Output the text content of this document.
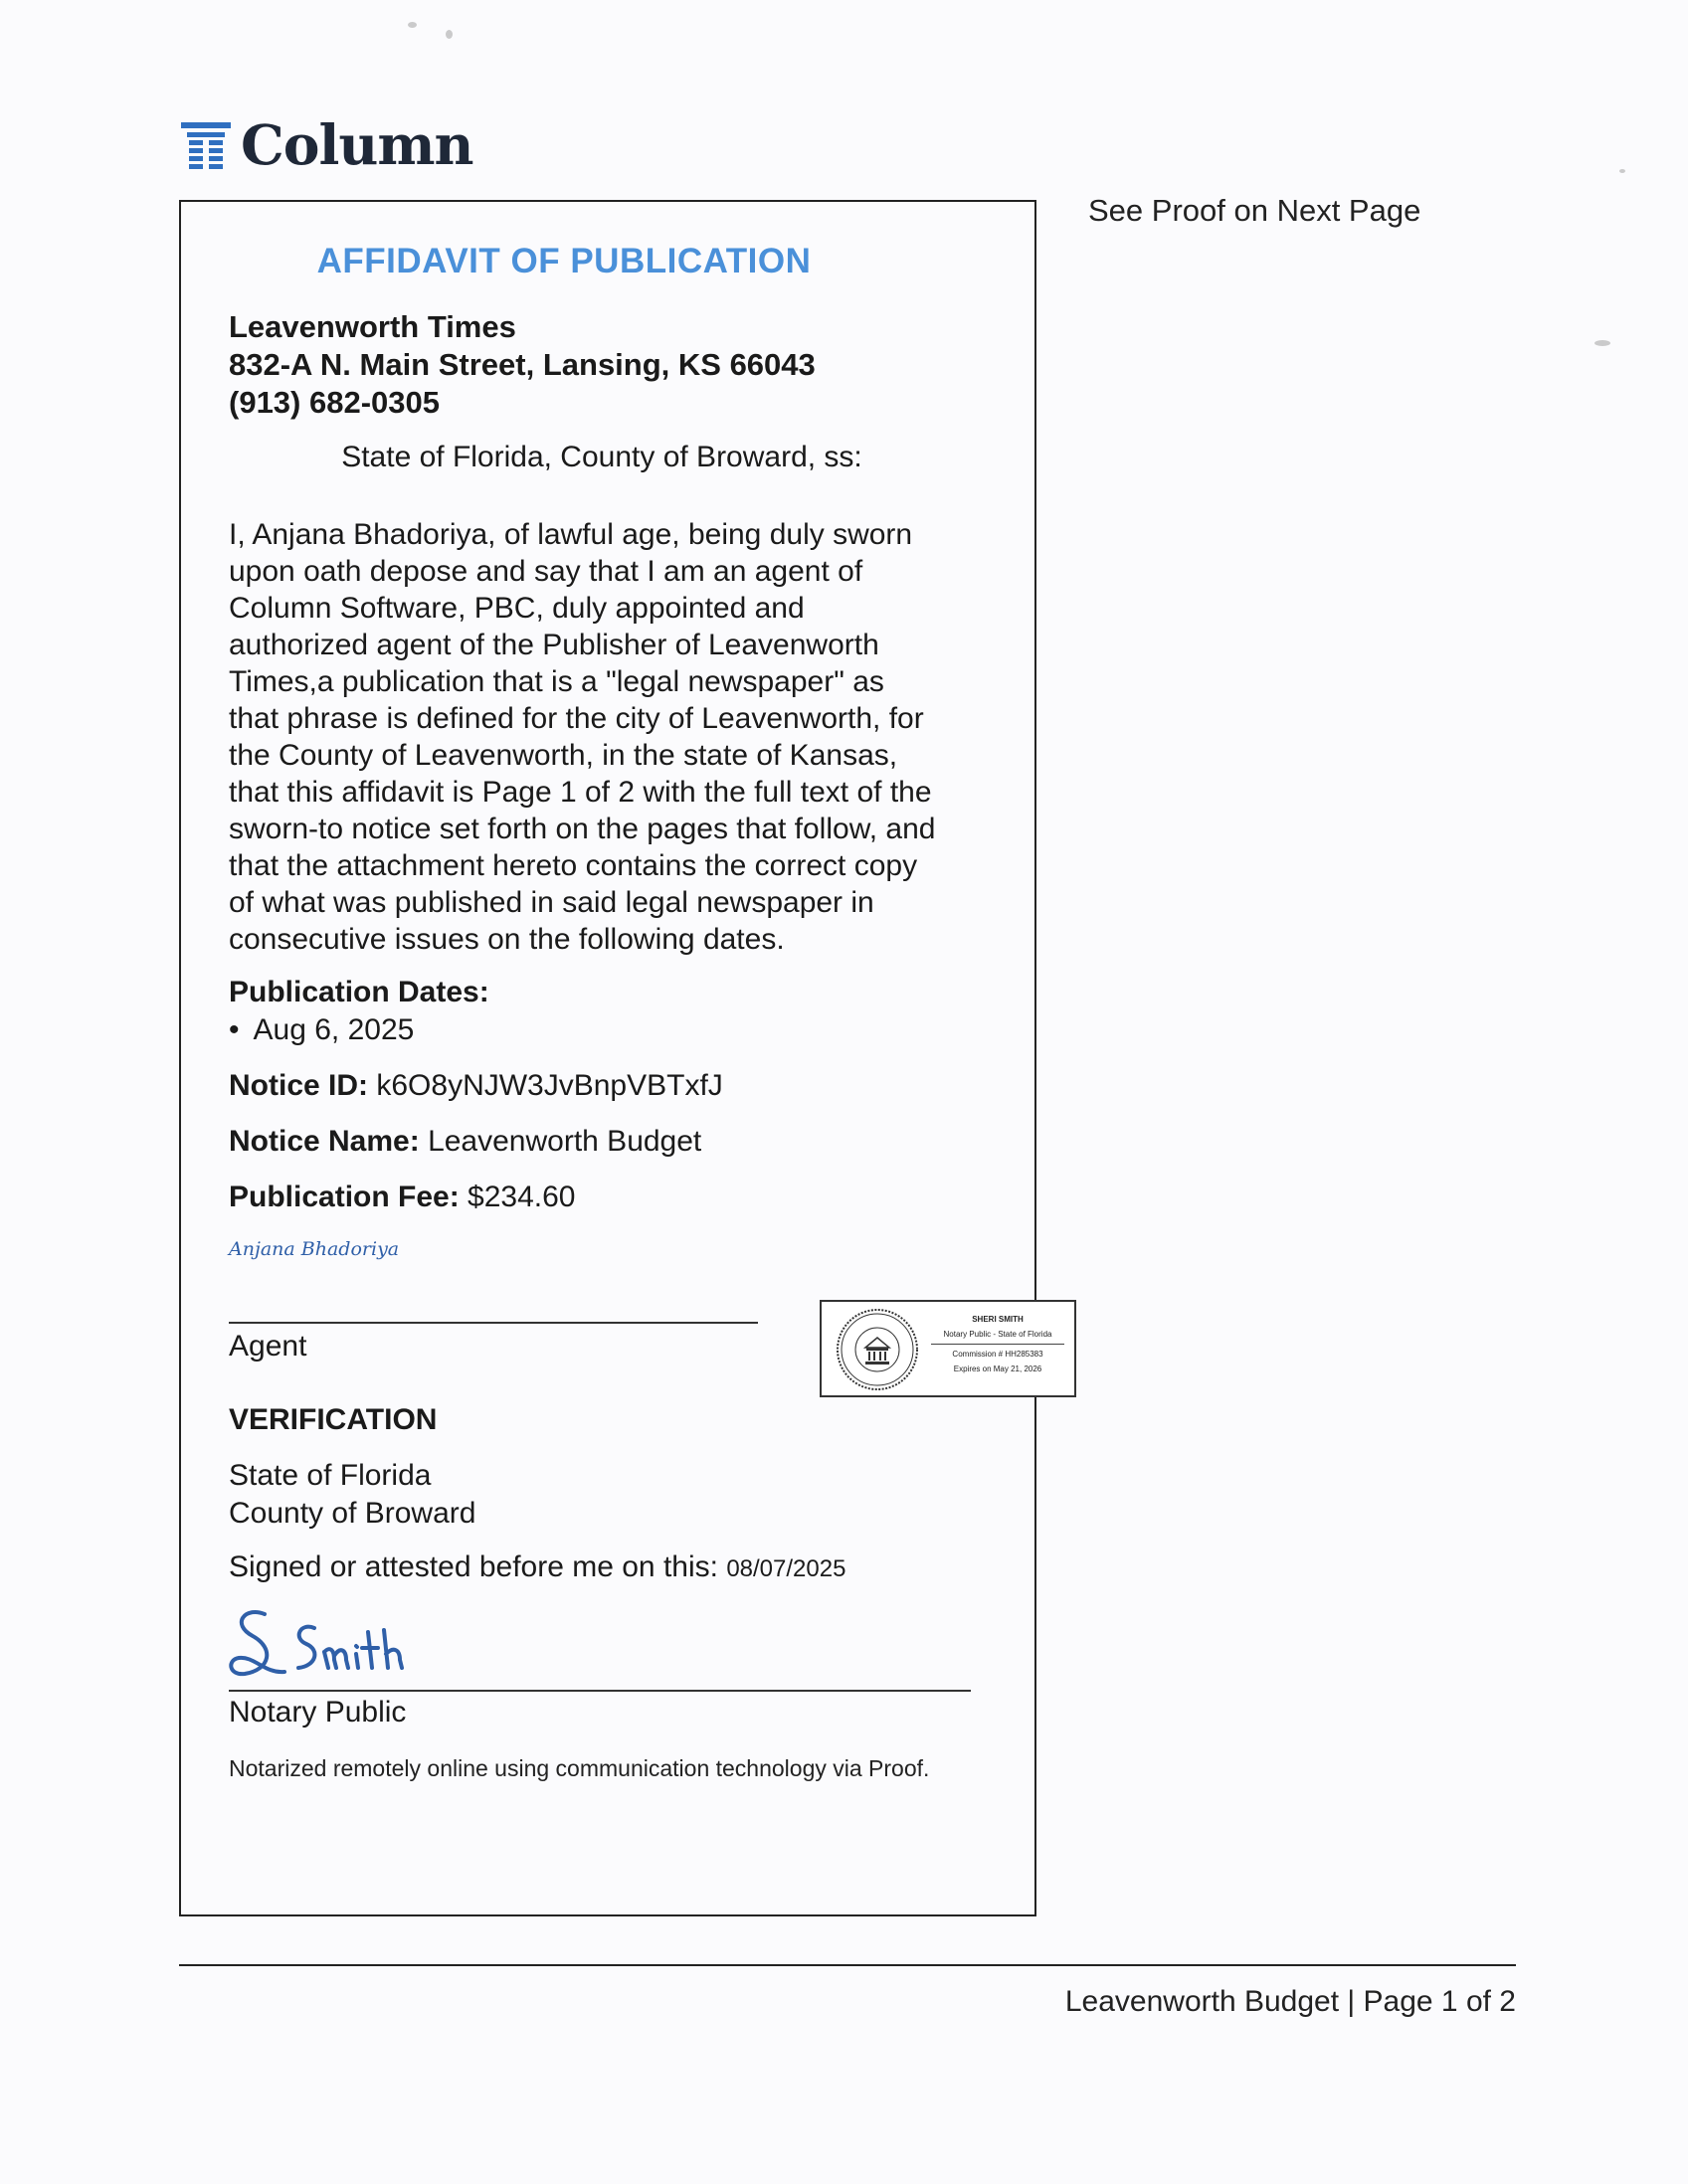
Column
See Proof on Next Page
AFFIDAVIT OF PUBLICATION
Leavenworth Times
832-A N. Main Street, Lansing, KS 66043
(913) 682-0305
State of Florida, County of Broward, ss:
I, Anjana Bhadoriya, of lawful age, being duly sworn
upon oath depose and say that I am an agent of
Column Software, PBC, duly appointed and
authorized agent of the Publisher of Leavenworth
Times,a publication that is a "legal newspaper" as
that phrase is defined for the city of Leavenworth, for
the County of Leavenworth, in the state of Kansas,
that this affidavit is Page 1 of 2 with the full text of the
sworn-to notice set forth on the pages that follow, and
that the attachment hereto contains the correct copy
of what was published in said legal newspaper in
consecutive issues on the following dates.
Publication Dates:
• Aug 6, 2025
Notice ID: k6O8yNJW3JvBnpVBTxfJ
Notice Name: Leavenworth Budget
Publication Fee: $234.60
Anjana Bhadoriya
Agent
SHERI SMITH
Notary Public - State of Florida
Commission # HH285383
Expires on May 21, 2026
VERIFICATION
State of Florida
County of Broward
Signed or attested before me on this: 08/07/2025
Notary Public
Notarized remotely online using communication technology via Proof.
Leavenworth Budget | Page 1 of 2
